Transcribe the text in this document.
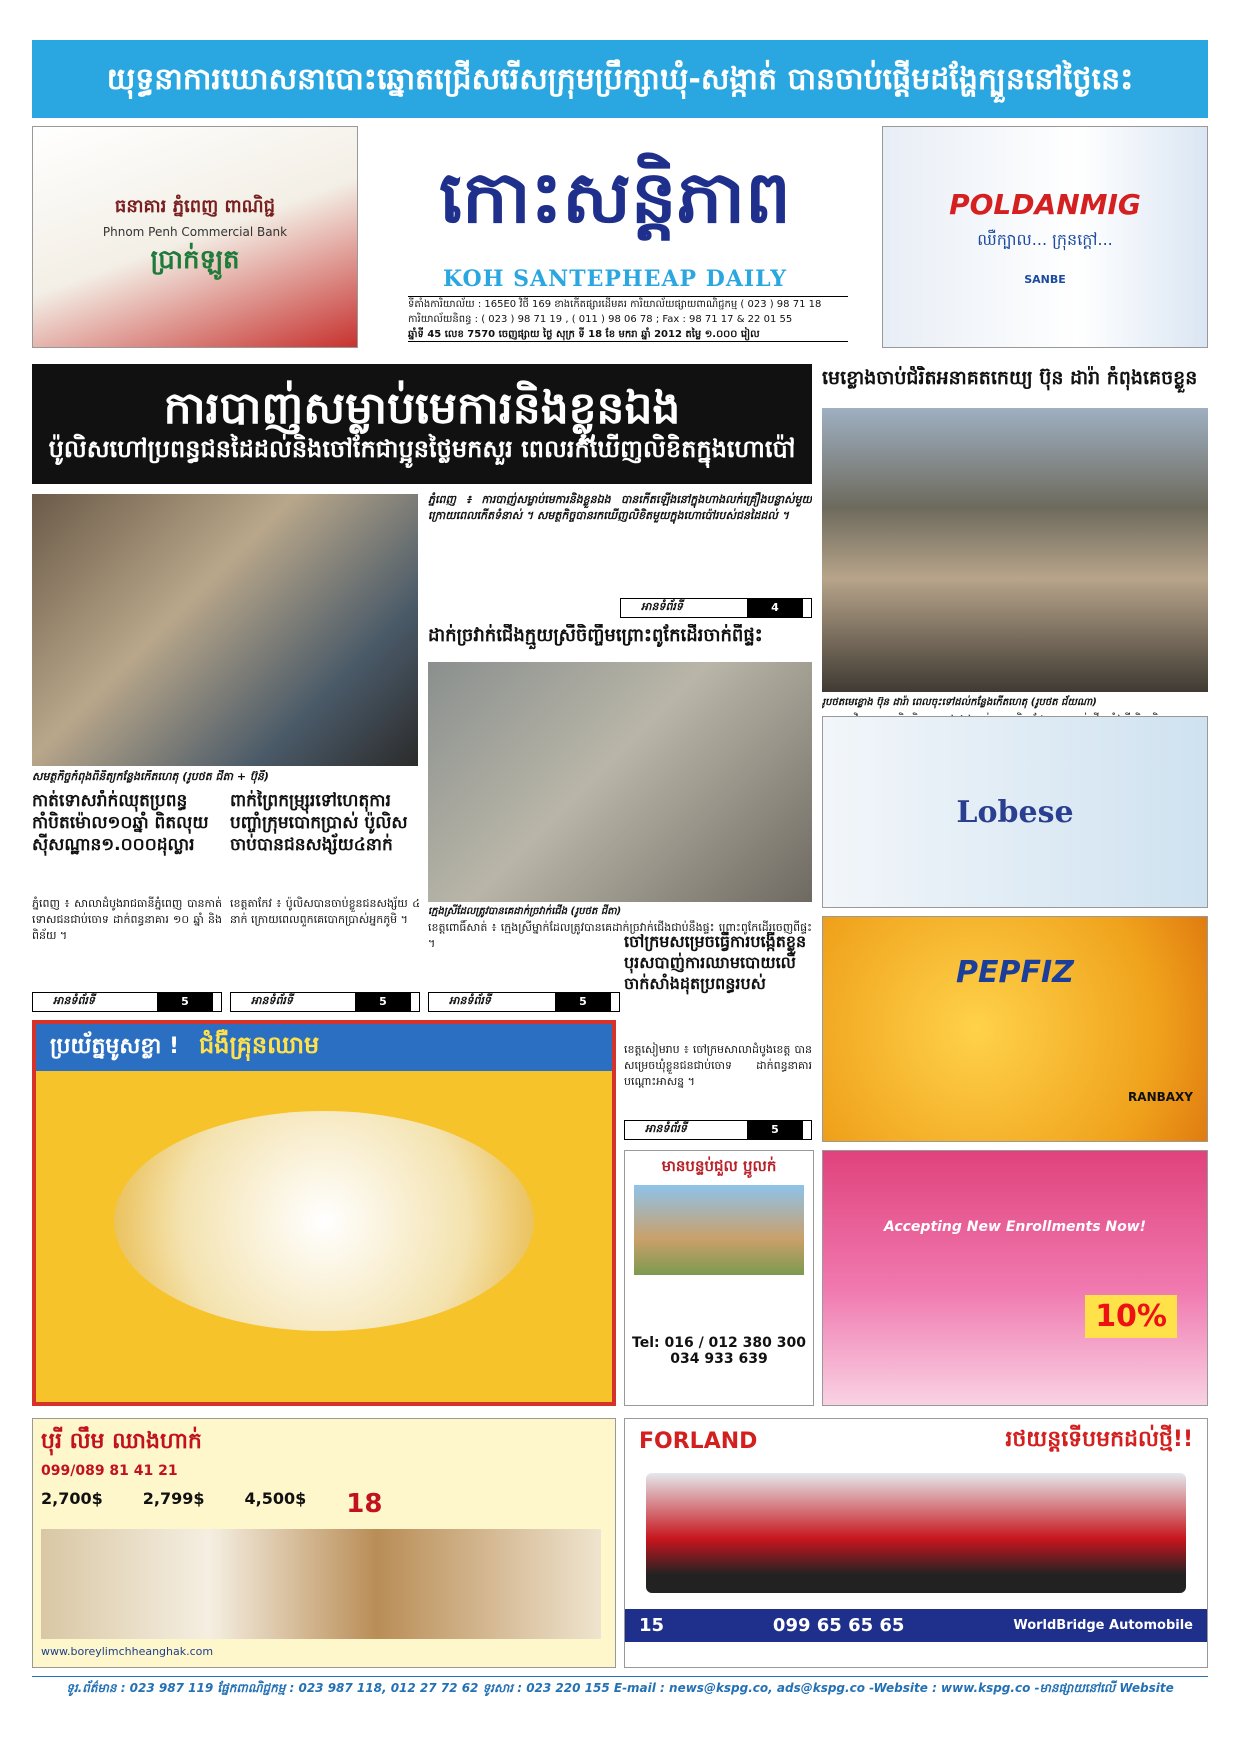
យុទ្ធនាការឃោសនាបោះឆ្នោតជ្រើសរើសក្រុមប្រឹក្សាឃុំ-សង្កាត់ បានចាប់ផ្ដើមដង្ហែក្បួននៅថ្ងៃនេះ
ធនាគារ ភ្នំពេញ ពាណិជ្ជ
Phnom Penh Commercial Bank
ប្រាក់ឡូត
កោះសន្តិភាព
KOH SANTEPHEAP DAILY
ទីតាំងការិយាល័យ : 165E0 វិថី 169 ខាងកើតផ្សារដើមគរ ការិយាល័យផ្សាយពាណិជ្ជកម្ម ( 023 ) 98 71 18
ការិយាល័យនិពន្ធ : ( 023 ) 98 71 19 , ( 011 ) 98 06 78 ; Fax : 98 71 17 & 22 01 55
ឆ្នាំទី 45 លេខ 7570 ចេញផ្សាយ ថ្ងៃ សុក្រ ទី 18 ខែ មករា ឆ្នាំ 2012 តម្លៃ ១.០០០ រៀល
POLDANMIG
ឈឺក្បាល... ក្រុនក្តៅ...
SANBE
ការបាញ់សម្លាប់មេការនិងខ្លួនឯង
ប៉ូលិសហៅប្រពន្ធជនដៃដល់និងចៅកែជាប្អូនថ្លៃមកសួរ ពេលរកឃើញលិខិតក្នុងហោប៉ៅ
មេខ្លោងចាប់ជំរិតអនាគតកេយ្យ ប៊ុន ដារ៉ា កំពុងគេចខ្លួន
រូបថតមេខ្លោង ប៊ុន ដារ៉ា ពេលចុះទៅដល់កន្លែងកើតហេតុ (រូបថត ជ័យណា)
សមត្ថកិច្ចកំពុងពិនិត្យកន្លែងកើតហេតុ (រូបថត ជីតា + ប៊ុនី)
ភ្នំពេញ ៖ ការបាញ់សម្លាប់មេការនិងខ្លួនឯង បានកើតឡើងនៅក្នុងហាងលក់គ្រឿងបន្លាស់មួយ ក្រោយពេលកើតទំនាស់ ។ សមត្ថកិច្ចបានរកឃើញលិខិតមួយក្នុងហោប៉ៅរបស់ជនដៃដល់ ។
អានទំព័រទី	4
ដាក់ច្រវាក់ជើងក្មួយស្រីចិញ្ចឹមព្រោះពូកែដើរចាក់ពីផ្ទះ
ក្មេងស្រីដែលត្រូវបានគេដាក់ច្រវាក់ជើង (រូបថត ជីតា)
ខេត្តពោធិ៍សាត់ ៖ ក្មេងស្រីម្នាក់ដែលត្រូវបានគេដាក់ច្រវាក់ជើងជាប់នឹងផ្ទះ ព្រោះពូកែដើរចេញពីផ្ទះ ។
អានទំព័រទី	5
កាត់ទោសរាំក់ឈុតប្រពន្ធកាំបិតម៉ោល១០ឆ្នាំ ពិតលុយស៊ីសណ្ឋាន១.០០០ដុល្លារ
ភ្នំពេញ ៖ សាលាដំបូងរាជធានីភ្នំពេញ បានកាត់ទោសជនជាប់ចោទ ដាក់ពន្ធនាគារ ១០ ឆ្នាំ និងពិន័យ ។
អានទំព័រទី	5
ពាក់ព្រៃកម្រ្សុរទៅហេតុការបញ្ចាំក្រុមបោកប្រាស់ ប៉ូលិសចាប់បានជនសង្ស័យ៤នាក់
ខេត្តតាកែវ ៖ ប៉ូលិសបានចាប់ខ្លួនជនសង្ស័យ ៤ នាក់ ក្រោយពេលពួកគេបោកប្រាស់អ្នកភូមិ ។
អានទំព័រទី	5
ចៅក្រមសម្រេចធ្វើការបង្កើតខ្លួនបុរសបាញ់ការឈាមបោយលើចាក់សាំងដុតប្រពន្ធរបស់
ខេត្តសៀមរាប ៖ ចៅក្រមសាលាដំបូងខេត្ត បានសម្រេចឃុំខ្លួនជនជាប់ចោទ ដាក់ពន្ធនាគារបណ្ដោះអាសន្ន ។
អានទំព័រទី	5
Lobese
PEPFIZ
RANBAXY
ប្រយ័ត្នមូសខ្លា ! ជំងឺគ្រុនឈាម
មានបន្ទប់ជួល ប្អូលក់
Tel: 016 / 012 380 300
034 933 639
Accepting New Enrollments Now!
10%
បុរី លឹម ឈាងហាក់
099/089 81 41 21
2,700$	2,799$	4,500$ 18
www.boreylimchheanghak.com
FORLAND	រថយន្តទើបមកដល់ថ្មី!!
15	099 65 65 65	WorldBridge Automobile
ទូរ.ព័ត៌មាន : 023 987 119 ផ្នែកពាណិជ្ជកម្ម : 023 987 118, 012 27 72 62 ទូរសារ : 023 220 155 E-mail : news@kspg.co, ads@kspg.co -Website : www.kspg.co -មានផ្សាយនៅលើ Website
